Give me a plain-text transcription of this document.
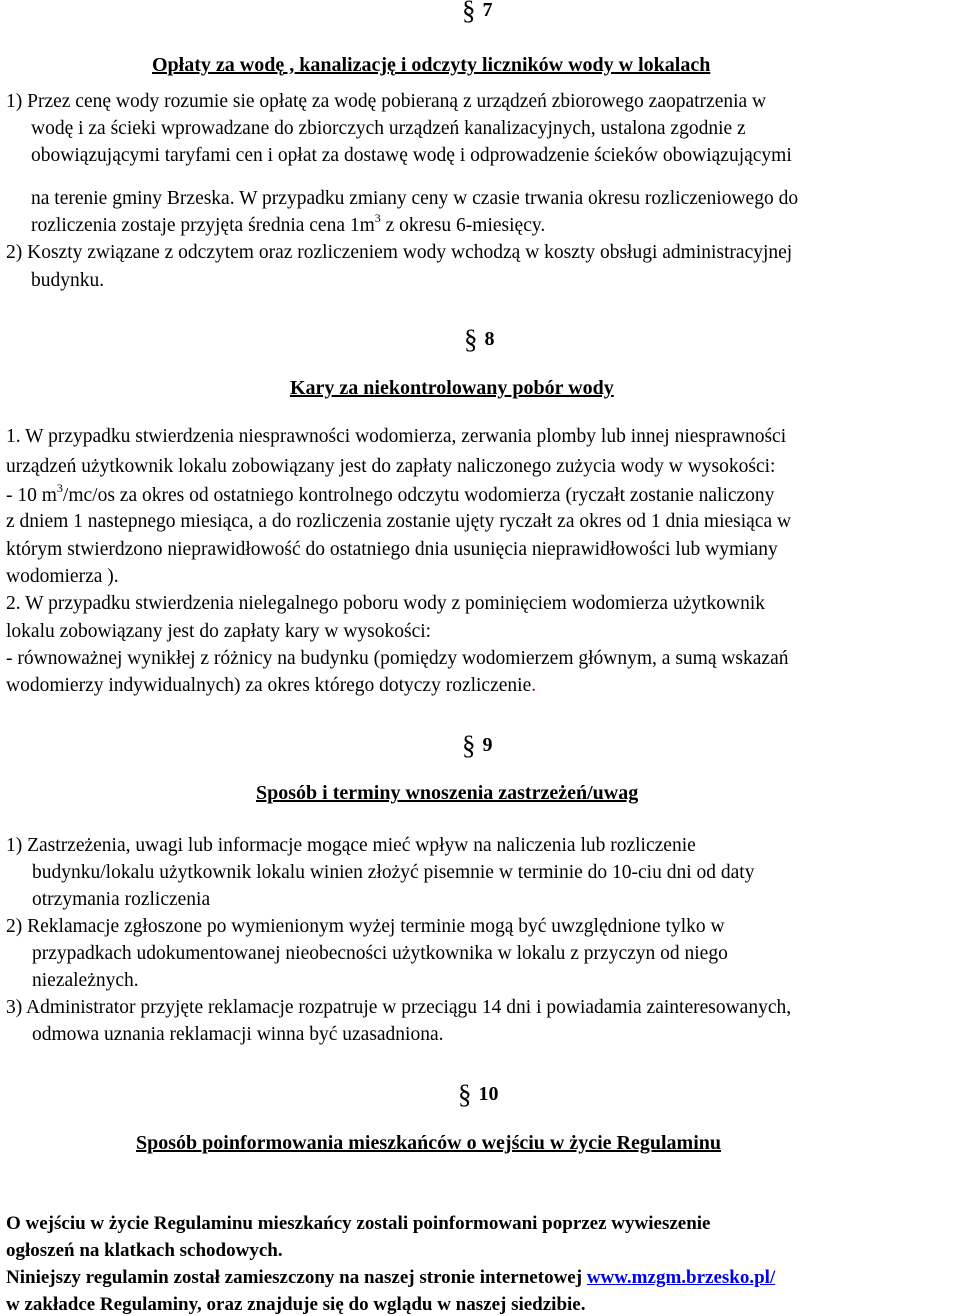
§ 7
Opłaty za wodę , kanalizację i odczyty liczników wody w lokalach
1) Przez cenę wody rozumie sie opłatę za wodę pobieraną z urządzeń zbiorowego zaopatrzenia w
wodę i za ścieki wprowadzane do zbiorczych urządzeń kanalizacyjnych, ustalona zgodnie z
obowiązującymi taryfami cen i opłat za dostawę wodę i odprowadzenie ścieków obowiązującymi
na terenie gminy Brzeska. W przypadku zmiany ceny w czasie trwania okresu rozliczeniowego do
rozliczenia zostaje przyjęta średnia cena $1m^3$ z okresu 6-miesięcy.
2) Koszty związane z odczytem oraz rozliczeniem wody wchodzą w koszty obsługi administracyjnej
budynku.
§ 8
Kary za niekontrolowany pobór wody
1. W przypadku stwierdzenia niesprawności wodomierza, zerwania plomby lub innej niesprawności
urządzeń użytkownik lokalu zobowiązany jest do zapłaty naliczonego zużycia wody w wysokości:
- 10 $m^3/mc/os$ za okres od ostatniego kontrolnego odczytu wodomierza (ryczałt zostanie naliczony
z dniem 1 nastepnego miesiąca, a do rozliczenia zostanie ujęty ryczałt za okres od 1 dnia miesiąca w
którym stwierdzono nieprawidłowość do ostatniego dnia usunięcia nieprawidłowości lub wymiany
wodomierza ).
2. W przypadku stwierdzenia nielegalnego poboru wody z pominięciem wodomierza użytkownik
lokalu zobowiązany jest do zapłaty kary w wysokości:
- równoważnej wynikłej z różnicy na budynku (pomiędzy wodomierzem głównym, a sumą wskazań
wodomierzy indywidualnych) za okres którego dotyczy rozliczenie.
§ 9
Sposób i terminy wnoszenia zastrzeżeń/uwag
1) Zastrzeżenia, uwagi lub informacje mogące mieć wpływ na naliczenia lub rozliczenie
budynku/lokalu użytkownik lokalu winien złożyć pisemnie w terminie do 10-ciu dni od daty
otrzymania rozliczenia
2) Reklamacje zgłoszone po wymienionym wyżej terminie mogą być uwzględnione tylko w
przypadkach udokumentowanej nieobecności użytkownika w lokalu z przyczyn od niego
niezależnych.
3) Administrator przyjęte reklamacje rozpatruje w przeciągu 14 dni i powiadamia zainteresowanych,
odmowa uznania reklamacji winna być uzasadniona.
§ 10
Sposób poinformowania mieszkańców o wejściu w życie Regulaminu
O wejściu w życie Regulaminu mieszkańcy zostali poinformowani poprzez wywieszenie
ogłoszeń na klatkach schodowych.
Niniejszy regulamin został zamieszczony na naszej stronie internetowej www.mzgm.brzesko.pl/
w zakładce Regulaminy, oraz znajduje się do wglądu w naszej siedzibie.
